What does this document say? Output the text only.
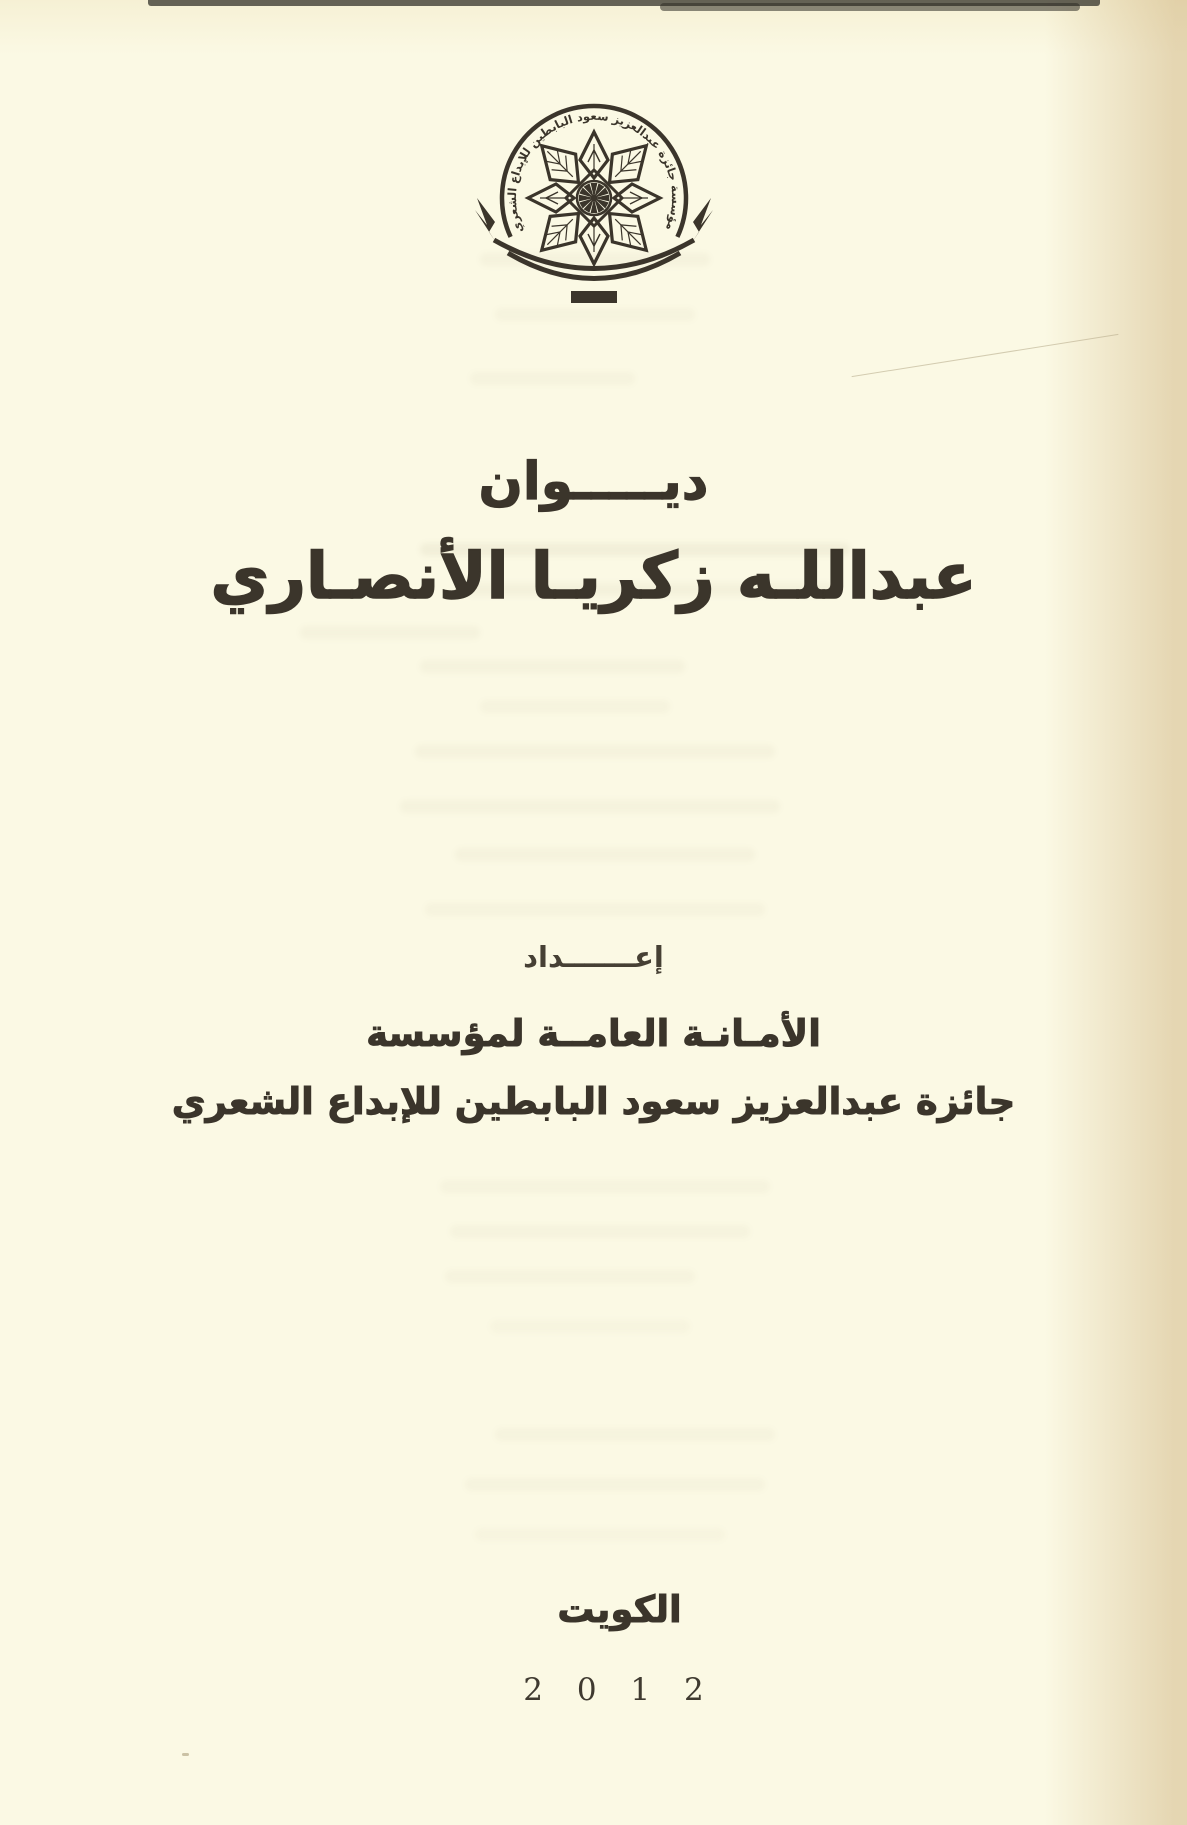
مؤسسة جائزة عبدالعزيز سعود البابطين للإبداع الشعري
ديـــــوان
عبداللـه زكريـا الأنصـاري
إعـــــــداد
الأمـانـة العامــة لمؤسسة
جائزة عبدالعزيز سعود البابطين للإبداع الشعري
الكويت
2 0 1 2
